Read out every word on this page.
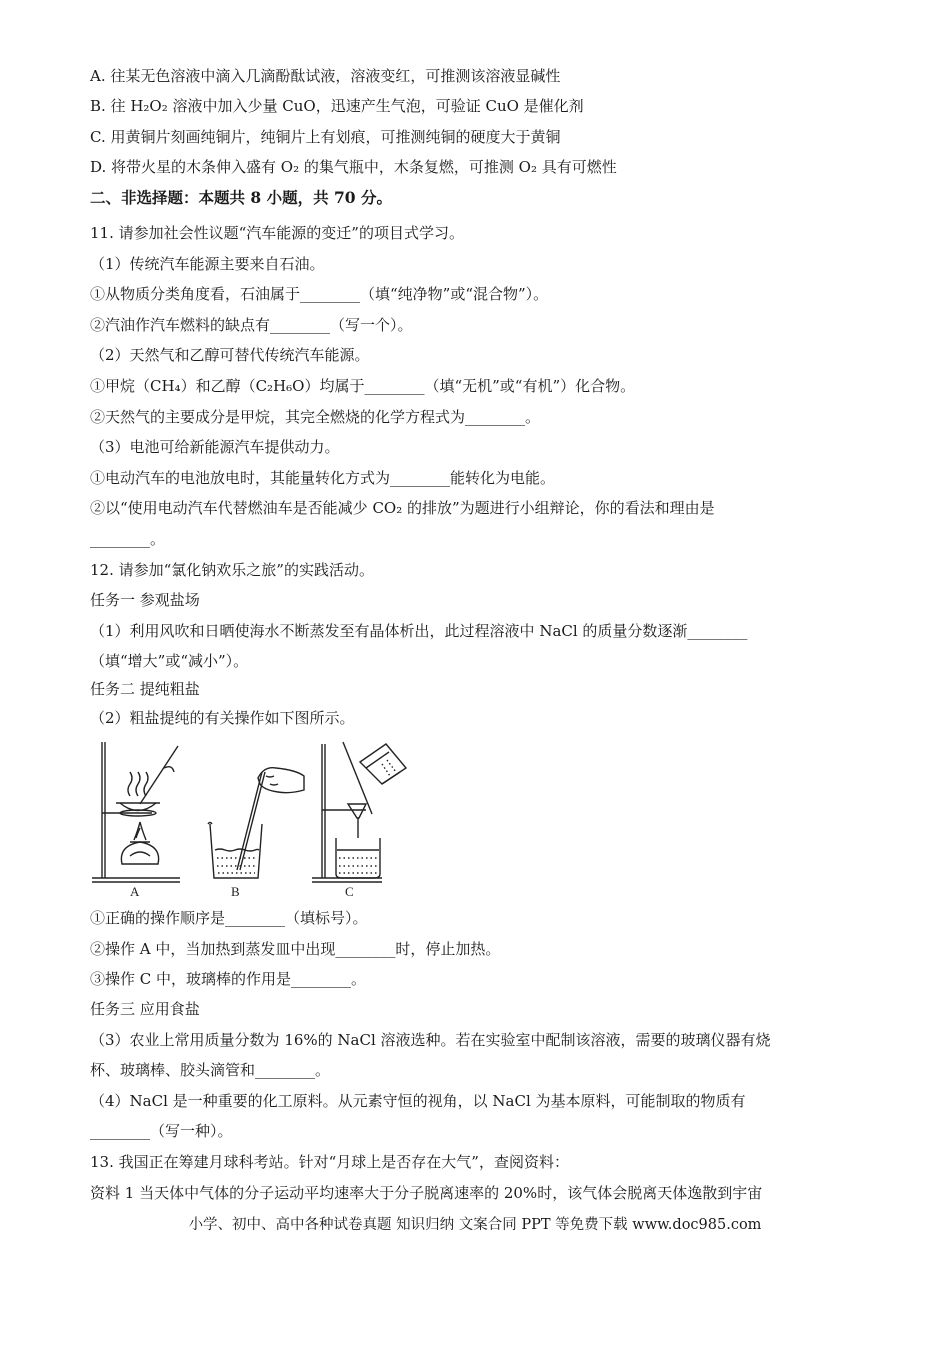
A. 往某无色溶液中滴入几滴酚酞试液，溶液变红，可推测该溶液显碱性
B. 往 H₂O₂ 溶液中加入少量 CuO，迅速产生气泡，可验证 CuO 是催化剂
C. 用黄铜片刻画纯铜片，纯铜片上有划痕，可推测纯铜的硬度大于黄铜
D. 将带火星的木条伸入盛有 O₂ 的集气瓶中，木条复燃，可推测 O₂ 具有可燃性
二、非选择题：本题共 8 小题，共 70 分。
11. 请参加社会性议题“汽车能源的变迁”的项目式学习。
（1）传统汽车能源主要来自石油。
①从物质分类角度看，石油属于________（填“纯净物”或“混合物”）。
②汽油作汽车燃料的缺点有________（写一个）。
（2）天然气和乙醇可替代传统汽车能源。
①甲烷（CH₄）和乙醇（C₂H₆O）均属于________（填“无机”或“有机”）化合物。
②天然气的主要成分是甲烷，其完全燃烧的化学方程式为________。
（3）电池可给新能源汽车提供动力。
①电动汽车的电池放电时，其能量转化方式为________能转化为电能。
②以“使用电动汽车代替燃油车是否能减少 CO₂ 的排放”为题进行小组辩论，你的看法和理由是
________。
12. 请参加“氯化钠欢乐之旅”的实践活动。
任务一 参观盐场
（1）利用风吹和日晒使海水不断蒸发至有晶体析出，此过程溶液中 NaCl 的质量分数逐渐________
（填“增大”或“减小”）。
任务二 提纯粗盐
（2）粗盐提纯的有关操作如下图所示。
①正确的操作顺序是________（填标号）。
②操作 A 中，当加热到蒸发皿中出现________时，停止加热。
③操作 C 中，玻璃棒的作用是________。
任务三 应用食盐
（3）农业上常用质量分数为 16%的 NaCl 溶液选种。若在实验室中配制该溶液，需要的玻璃仪器有烧
杯、玻璃棒、胶头滴管和________。
（4）NaCl 是一种重要的化工原料。从元素守恒的视角，以 NaCl 为基本原料，可能制取的物质有
________（写一种）。
13. 我国正在筹建月球科考站。针对“月球上是否存在大气”，查阅资料：
资料 1 当天体中气体的分子运动平均速率大于分子脱离速率的 20%时，该气体会脱离天体逸散到宇宙
A	B	C
小学、初中、高中各种试卷真题 知识归纳 文案合同 PPT 等免费下载 www.doc985.com
